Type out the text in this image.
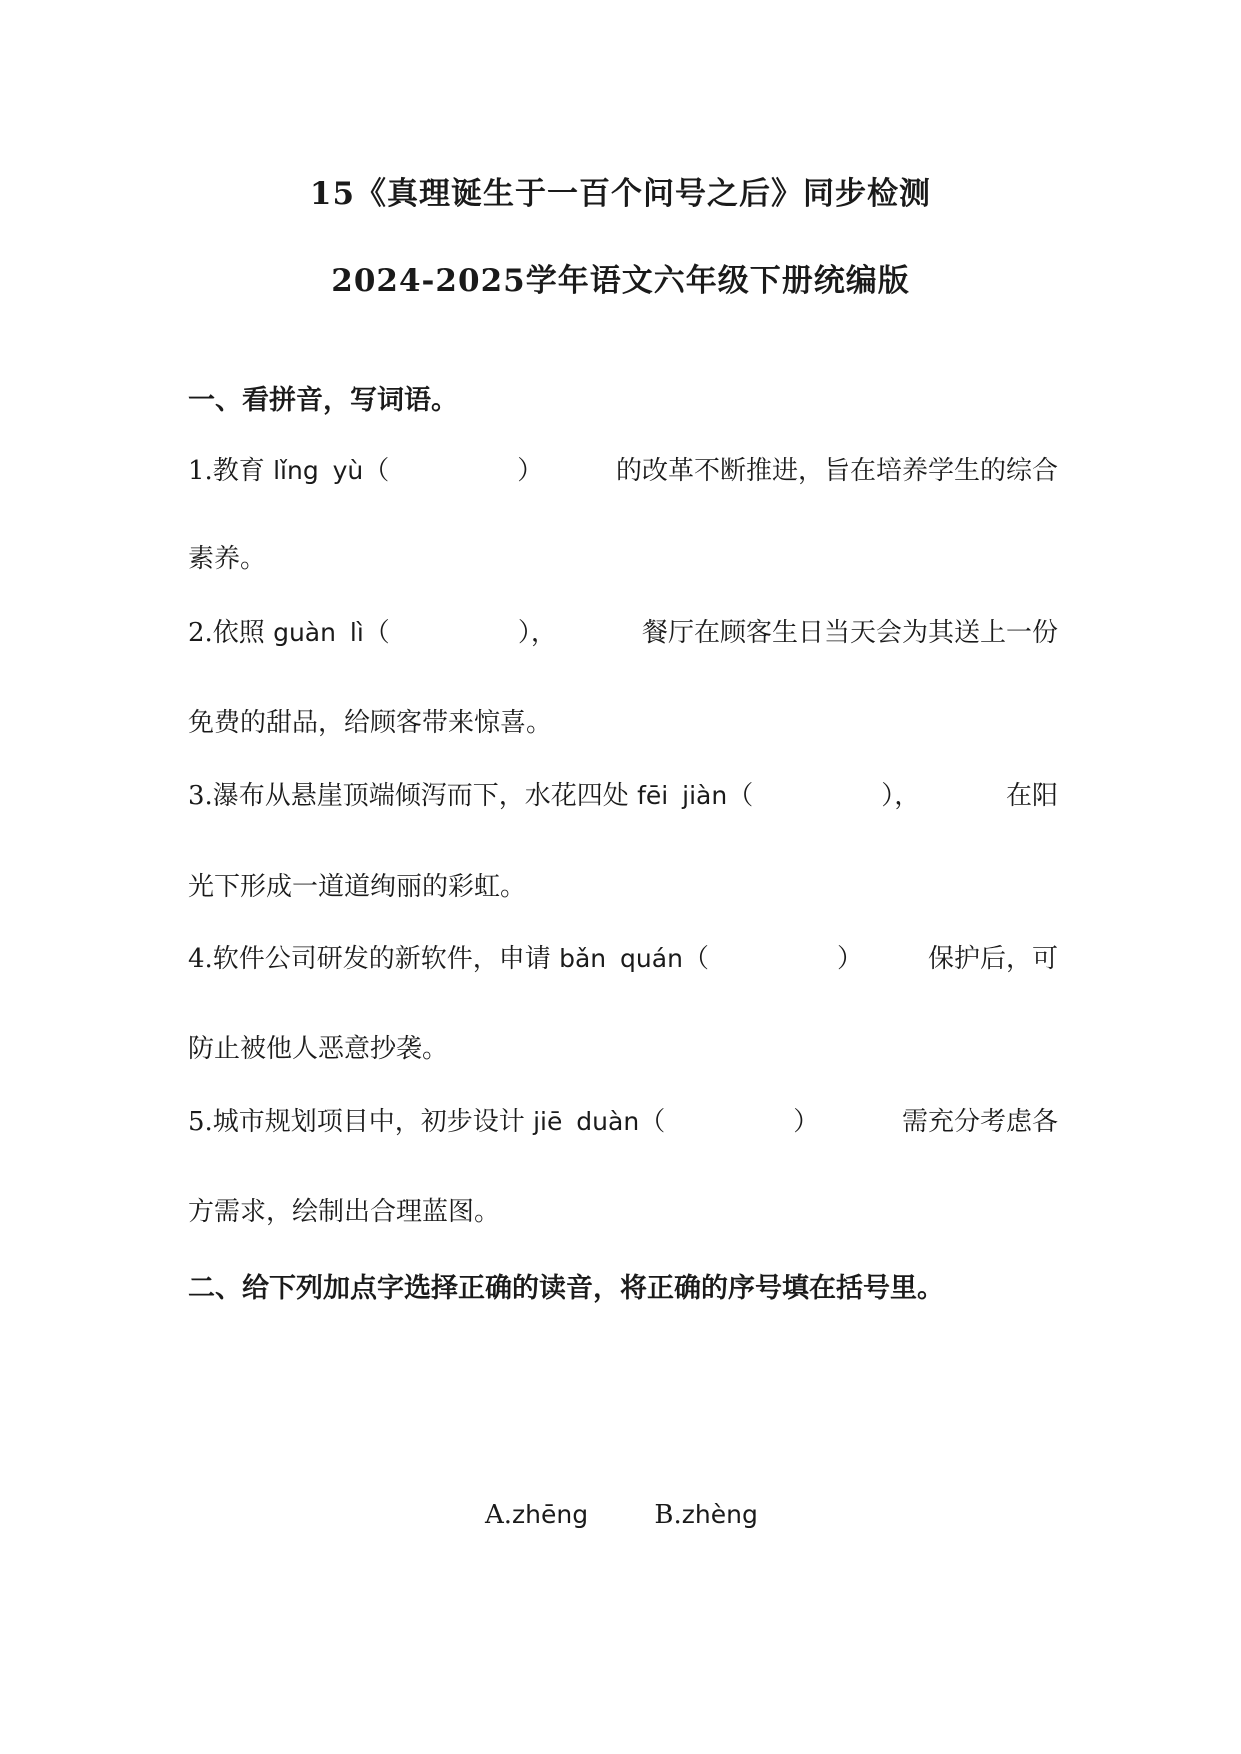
15《真理诞生于一百个问号之后》同步检测
2024-2025学年语文六年级下册统编版
一、看拼音，写词语。
1.教育 lǐng yù（	）	的改革不断推进，旨在培养学生的综合
素养。
2.依照 guàn lì（	），	餐厅在顾客生日当天会为其送上一份
免费的甜品，给顾客带来惊喜。
3.瀑布从悬崖顶端倾泻而下，水花四处 fēi jiàn（	），	在阳
光下形成一道道绚丽的彩虹。
4.软件公司研发的新软件，申请 bǎn quán（	）	保护后，可
防止被他人恶意抄袭。
5.城市规划项目中，初步设计 jiē duàn（	）	需充分考虑各
方需求，绘制出合理蓝图。
二、给下列加点字选择正确的读音，将正确的序号填在括号里。
A.zhēng	B.zhèng
